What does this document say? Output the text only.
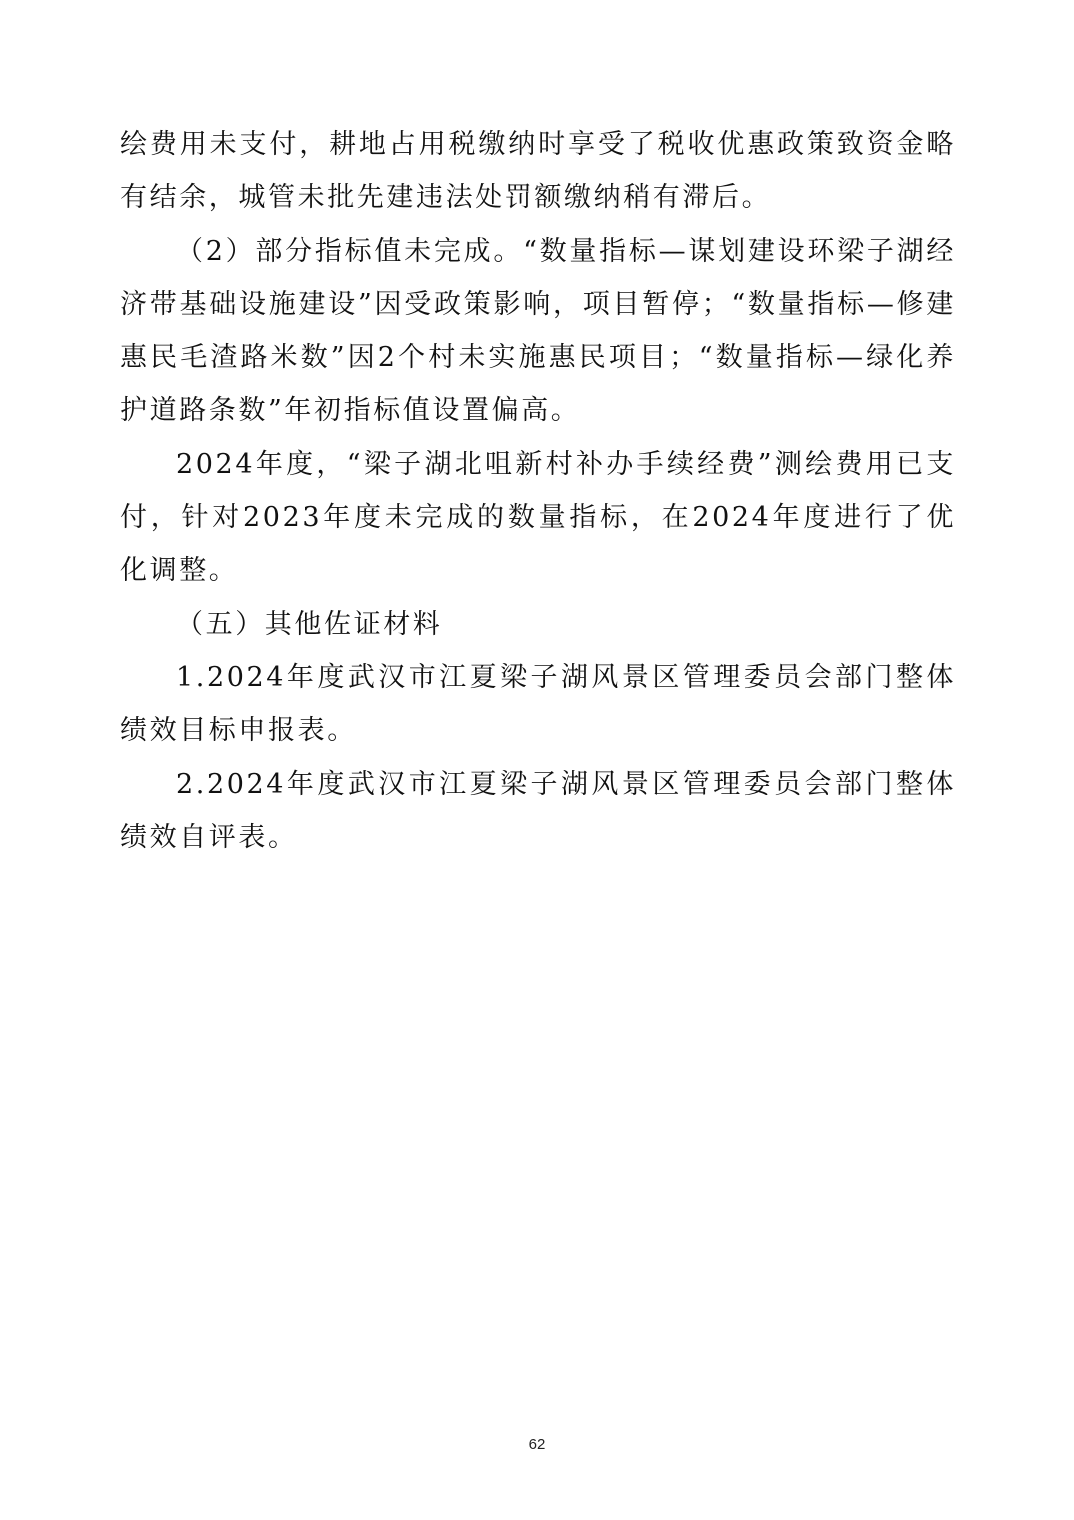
绘费用未支付，耕地占用税缴纳时享受了税收优惠政策致资金略有结余，城管未批先建违法处罚额缴纳稍有滞后。

（2）部分指标值未完成。“数量指标—谋划建设环梁子湖经济带基础设施建设”因受政策影响，项目暂停；“数量指标—修建惠民毛渣路米数”因2个村未实施惠民项目；“数量指标—绿化养护道路条数”年初指标值设置偏高。

2024年度，“梁子湖北咀新村补办手续经费”测绘费用已支付，针对2023年度未完成的数量指标，在2024年度进行了优化调整。

（五）其他佐证材料

1.2024年度武汉市江夏梁子湖风景区管理委员会部门整体绩效目标申报表。

2.2024年度武汉市江夏梁子湖风景区管理委员会部门整体绩效自评表。

62
